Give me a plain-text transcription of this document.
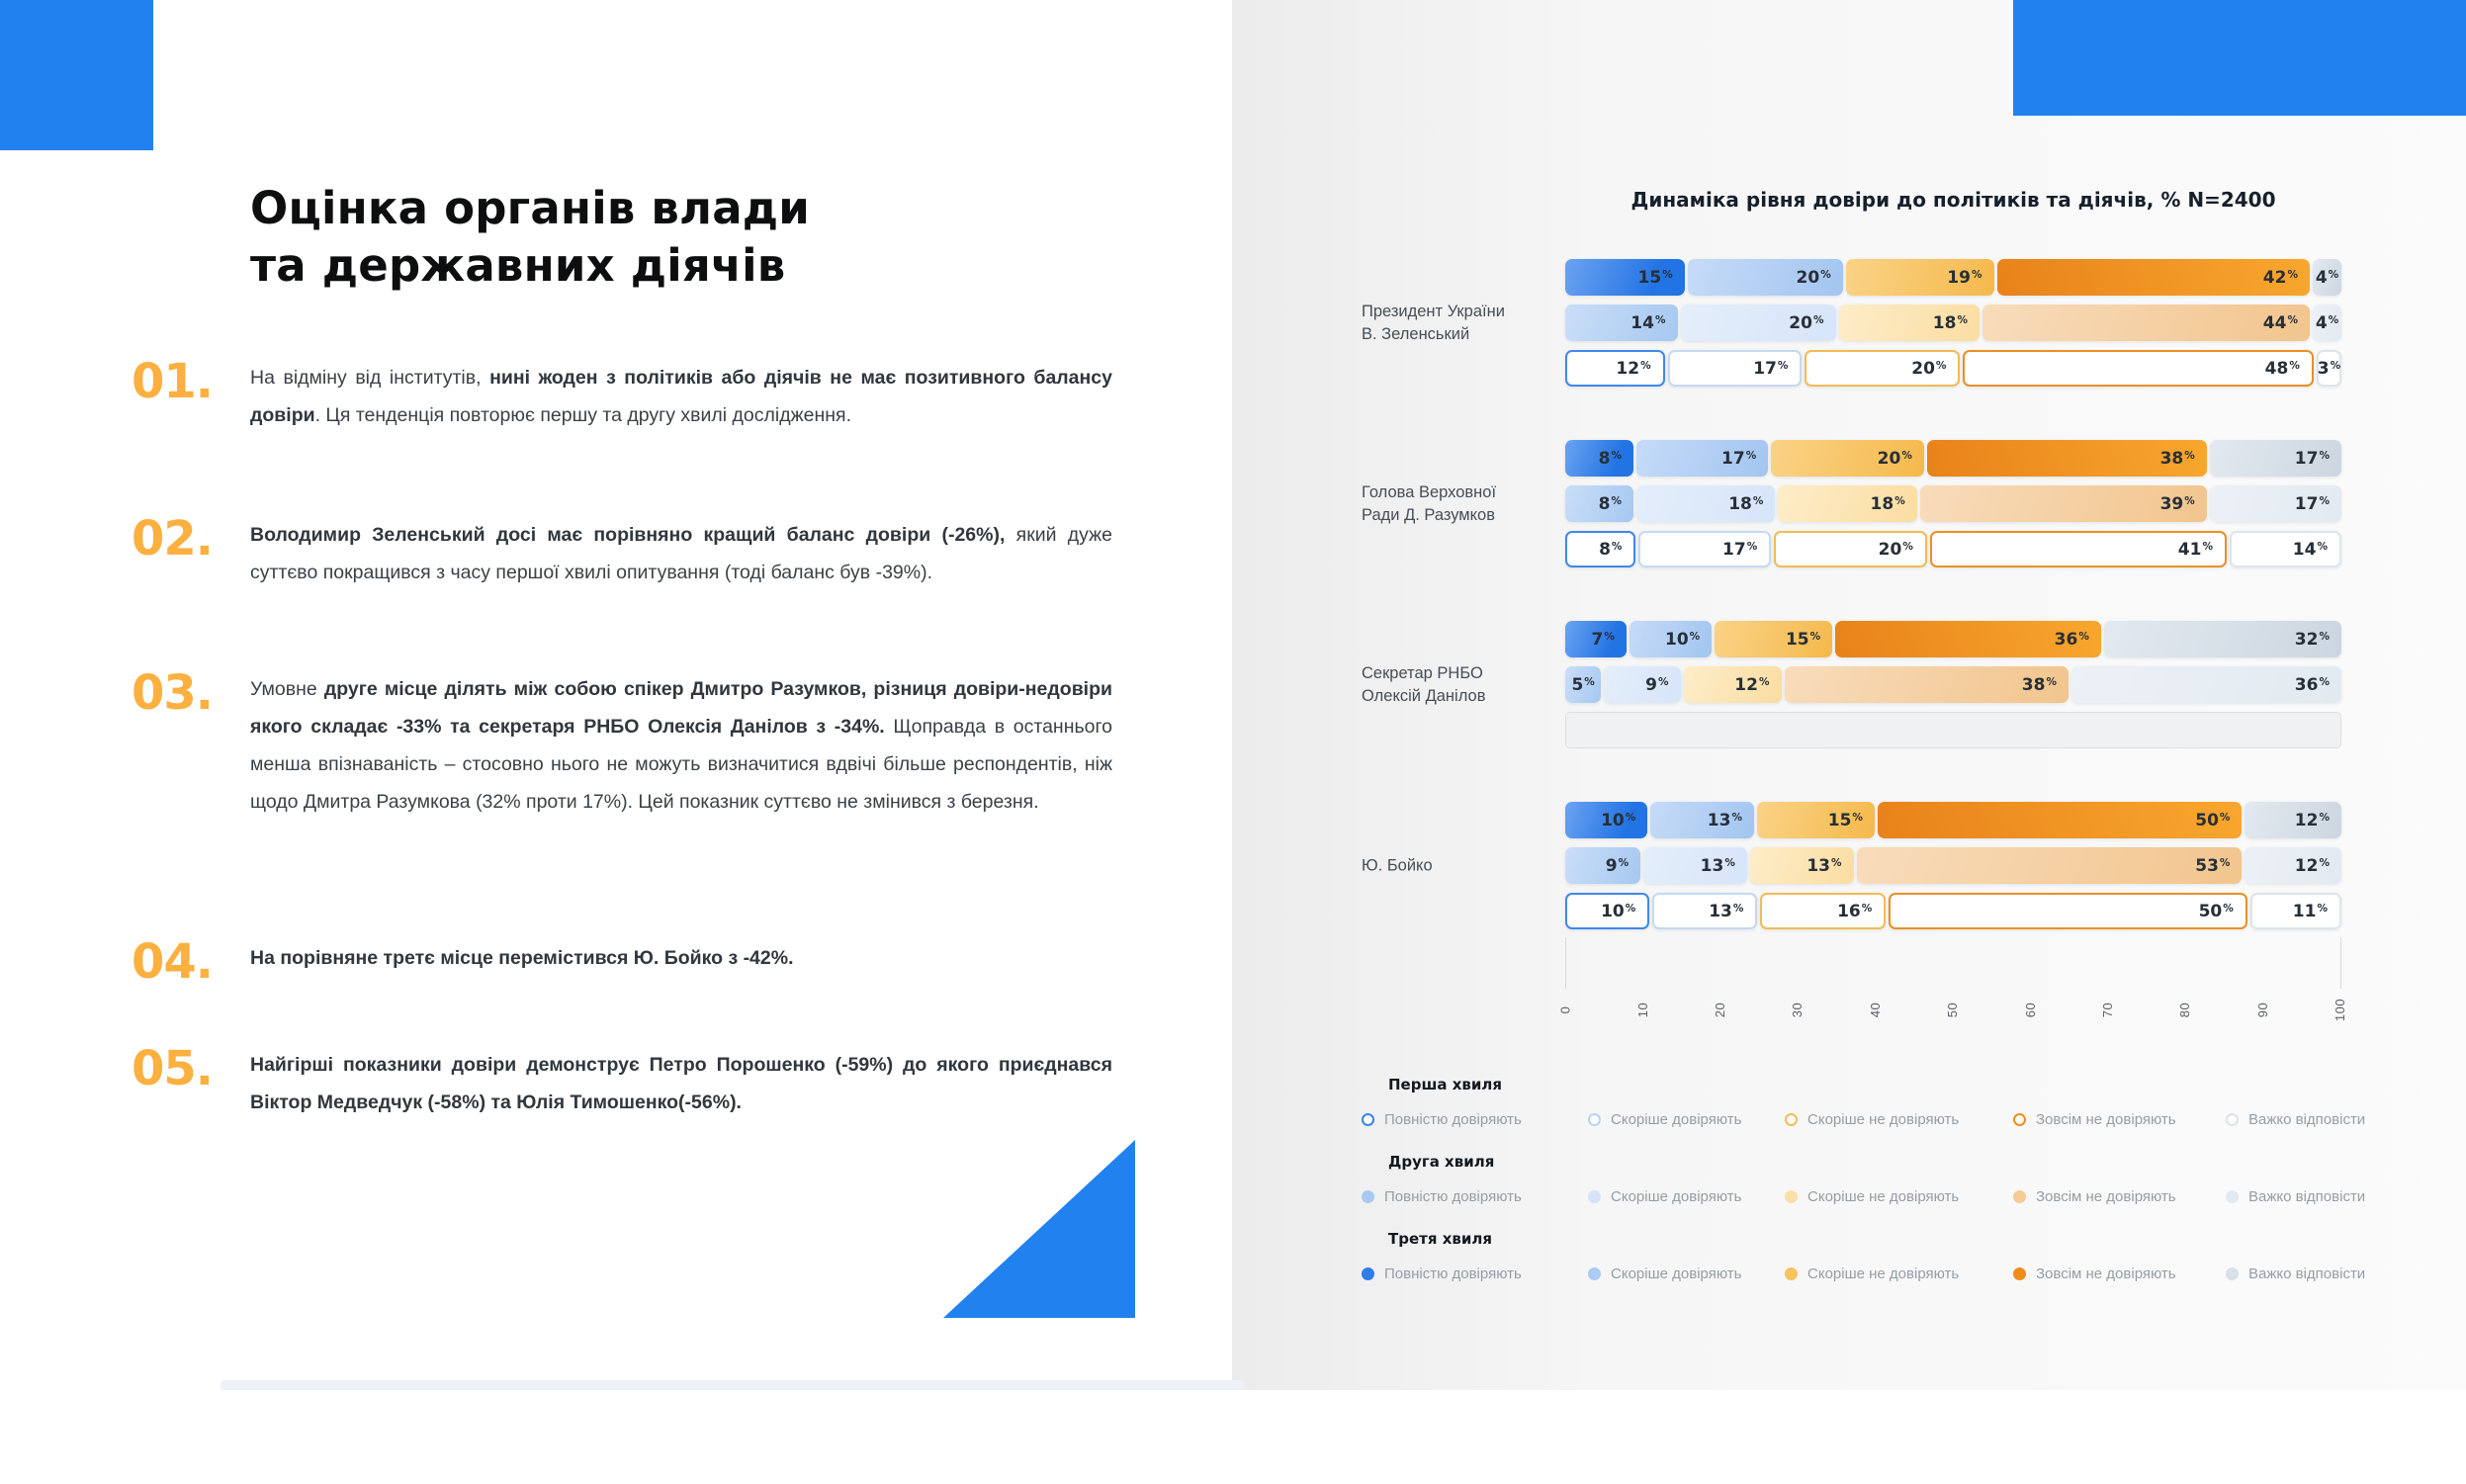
Оцінка органів влади
та державних діячів
01.	На відміну від інститутів, нині жоден з політиків або діячів не має позитивного балансу довіри. Ця тенденція повторює першу та другу хвилі дослідження.
02.	Володимир Зеленський досі має порівняно кращий баланс довіри (-26%), який дуже суттєво покращився з часу першої хвилі опитування (тоді баланс був -39%).
03.	Умовне друге місце ділять між собою спікер Дмитро Разумков, різниця довіри-недовіри якого складає -33% та секретаря РНБО Олексія Данілов з -34%. Щоправда в останнього менша впізнаваність – стосовно нього не можуть визначитися вдвічі більше респондентів, ніж щодо Дмитра Разумкова (32% проти 17%). Цей показник суттєво не змінився з березня.
04.	На порівняне третє місце перемістився Ю. Бойко з -42%.
05.	Найгірші показники довіри демонструє Петро Порошенко (-59%) до якого приєднався Віктор Медведчук (-58%) та Юлія Тимошенко(-56%).
Динаміка рівня довіри до політиків та діячів, % N=2400
Президент України
В. Зеленський
15%	20%	19%	42% 4%
14%	20%	18%	44% 4%
12%	17%	20%	48% 3%
Голова Верховної
Ради Д. Разумков
8%	17%	20%	38%	17%
8%	18%	18%	39%	17%
8%	17%	20%	41%	14%
Секретар РНБО
Олексій Данілов
7%	10%	15%	36%	32%
5%	9%	12%	38%	36%
Ю. Бойко
10%	13%	15%	50%	12%
9%	13%	13%	53%	12%
10%	13%	16%	50%	11%
0	10	20	30	40	50	60	70	80	90	100
Перша хвиля
Повністю довіряють	Скоріше довіряють	Скоріше не довіряють	Зовсім не довіряють	Важко відповісти
Друга хвиля
Повністю довіряють	Скоріше довіряють	Скоріше не довіряють	Зовсім не довіряють	Важко відповісти
Третя хвиля
Повністю довіряють	Скоріше довіряють	Скоріше не довіряють	Зовсім не довіряють	Важко відповісти
